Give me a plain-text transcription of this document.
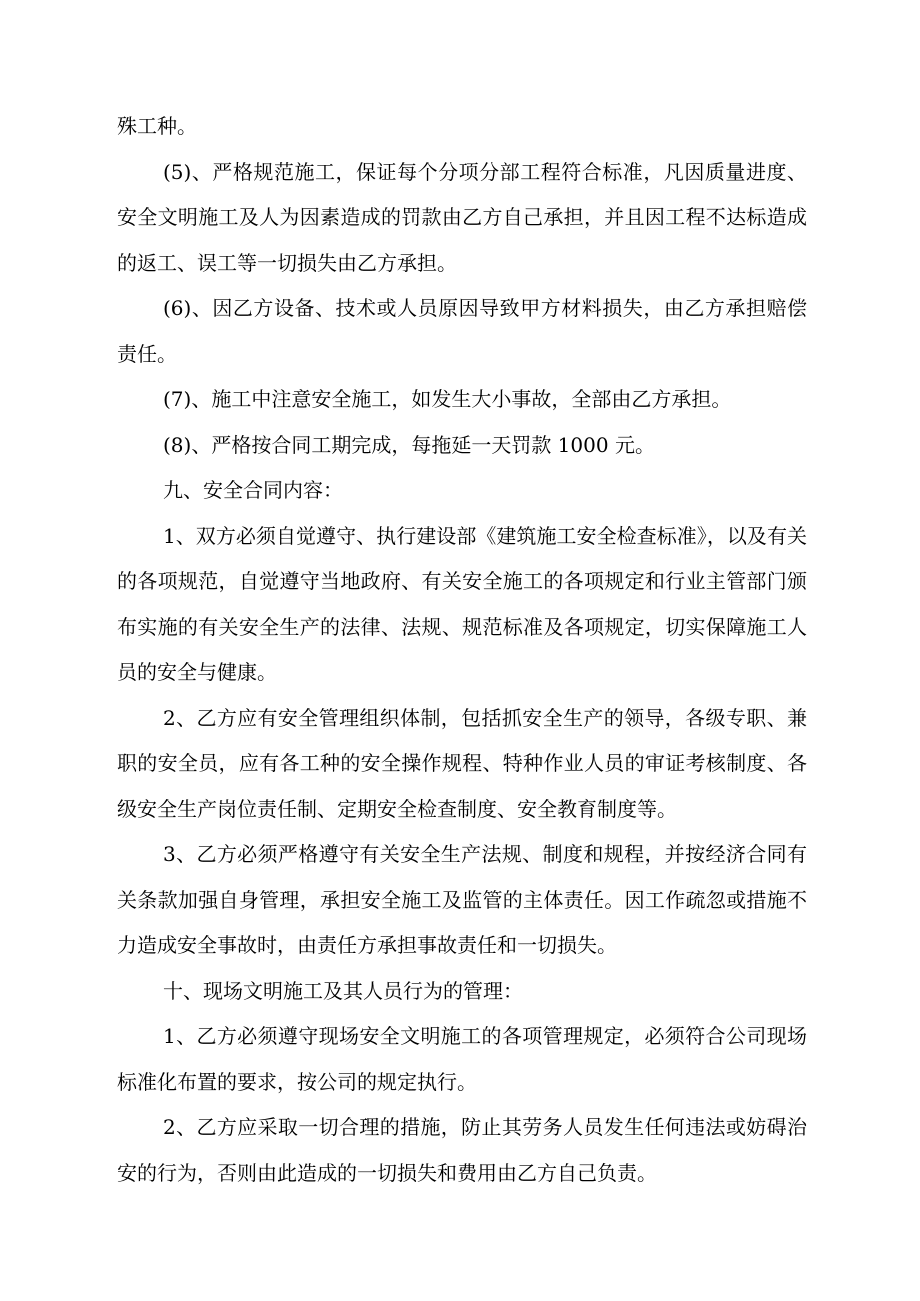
殊工种。

(5)、严格规范施工，保证每个分项分部工程符合标准，凡因质量进度、安全文明施工及人为因素造成的罚款由乙方自己承担，并且因工程不达标造成的返工、误工等一切损失由乙方承担。

(6)、因乙方设备、技术或人员原因导致甲方材料损失，由乙方承担赔偿责任。

(7)、施工中注意安全施工，如发生大小事故，全部由乙方承担。

(8)、严格按合同工期完成，每拖延一天罚款 1000 元。

九、安全合同内容：

1、双方必须自觉遵守、执行建设部《建筑施工安全检查标准》，以及有关的各项规范，自觉遵守当地政府、有关安全施工的各项规定和行业主管部门颁布实施的有关安全生产的法律、法规、规范标准及各项规定，切实保障施工人员的安全与健康。

2、乙方应有安全管理组织体制，包括抓安全生产的领导，各级专职、兼职的安全员，应有各工种的安全操作规程、特种作业人员的审证考核制度、各级安全生产岗位责任制、定期安全检查制度、安全教育制度等。

3、乙方必须严格遵守有关安全生产法规、制度和规程，并按经济合同有关条款加强自身管理，承担安全施工及监管的主体责任。因工作疏忽或措施不力造成安全事故时，由责任方承担事故责任和一切损失。

十、现场文明施工及其人员行为的管理：

1、乙方必须遵守现场安全文明施工的各项管理规定，必须符合公司现场标准化布置的要求，按公司的规定执行。

2、乙方应采取一切合理的措施，防止其劳务人员发生任何违法或妨碍治安的行为，否则由此造成的一切损失和费用由乙方自己负责。
